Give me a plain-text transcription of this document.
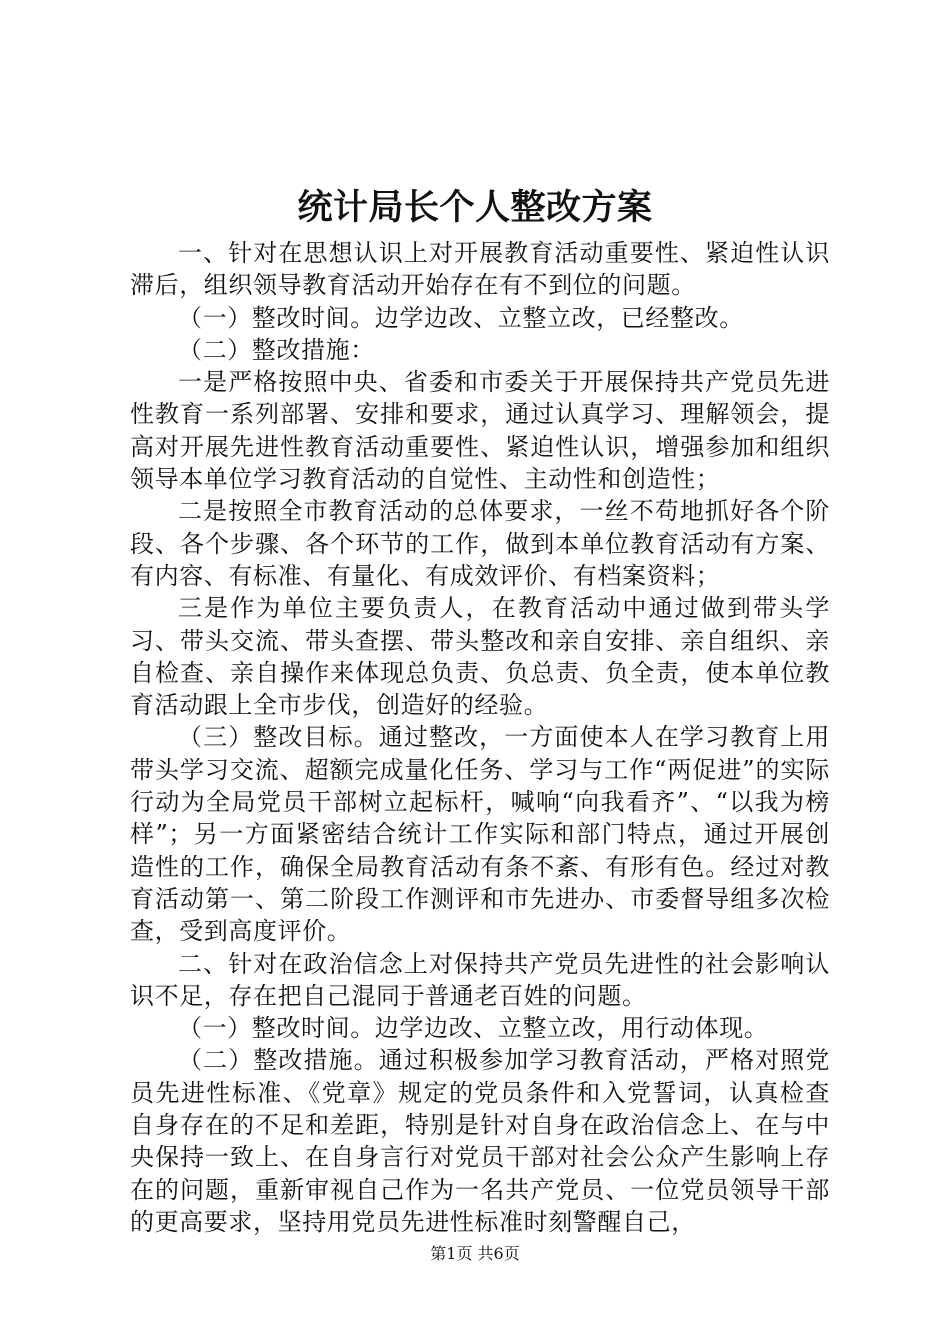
统计局长个人整改方案

一、针对在思想认识上对开展教育活动重要性、紧迫性认识滞后，组织领导教育活动开始存在有不到位的问题。

（一）整改时间。边学边改、立整立改，已经整改。

（二）整改措施：

一是严格按照中央、省委和市委关于开展保持共产党员先进性教育一系列部署、安排和要求，通过认真学习、理解领会，提高对开展先进性教育活动重要性、紧迫性认识，增强参加和组织领导本单位学习教育活动的自觉性、主动性和创造性；

二是按照全市教育活动的总体要求，一丝不苟地抓好各个阶段、各个步骤、各个环节的工作，做到本单位教育活动有方案、有内容、有标准、有量化、有成效评价、有档案资料；

三是作为单位主要负责人，在教育活动中通过做到带头学习、带头交流、带头查摆、带头整改和亲自安排、亲自组织、亲自检查、亲自操作来体现总负责、负总责、负全责，使本单位教育活动跟上全市步伐，创造好的经验。

（三）整改目标。通过整改，一方面使本人在学习教育上用带头学习交流、超额完成量化任务、学习与工作“两促进”的实际行动为全局党员干部树立起标杆，喊响“向我看齐”、“以我为榜样”；另一方面紧密结合统计工作实际和部门特点，通过开展创造性的工作，确保全局教育活动有条不紊、有形有色。经过对教育活动第一、第二阶段工作测评和市先进办、市委督导组多次检查，受到高度评价。

二、针对在政治信念上对保持共产党员先进性的社会影响认识不足，存在把自己混同于普通老百姓的问题。

（一）整改时间。边学边改、立整立改，用行动体现。

（二）整改措施。通过积极参加学习教育活动，严格对照党员先进性标准、《党章》规定的党员条件和入党誓词，认真检查自身存在的不足和差距，特别是针对自身在政治信念上、在与中央保持一致上、在自身言行对党员干部对社会公众产生影响上存在的问题，重新审视自己作为一名共产党员、一位党员领导干部的更高要求，坚持用党员先进性标准时刻警醒自己，

第1页 共6页
